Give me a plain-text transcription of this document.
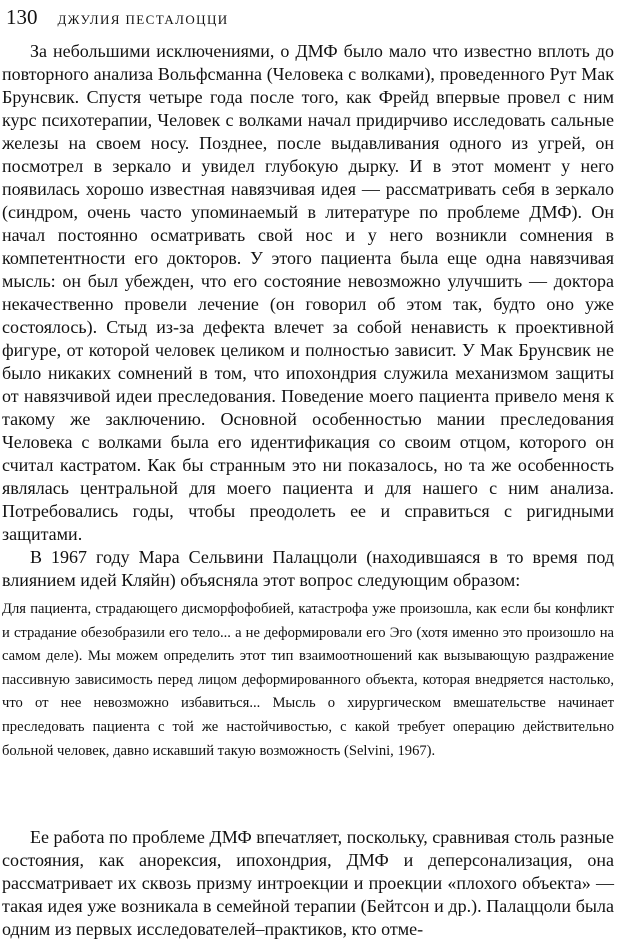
130 ДЖУЛИЯ ПЕСТАЛОЦЦИ

За небольшими исключениями, о ДМФ было мало что известно вплоть до повторного анализа Вольфсманна (Человека с волками), проведенного Рут Мак Брунсвик. Спустя четыре года после того, как Фрейд впервые провел с ним курс психотерапии, Человек с волками начал придирчиво исследовать сальные железы на своем носу. Позднее, после выдавливания одного из угрей, он посмотрел в зеркало и увидел глубокую дырку. И в этот момент у него появилась хорошо известная навязчивая идея — рассматривать себя в зеркало (синдром, очень часто упоминаемый в литературе по проблеме ДМФ). Он начал постоянно осматривать свой нос и у него возникли сомнения в компетентности его докторов. У этого пациента была еще одна навязчивая мысль: он был убежден, что его состояние невозможно улучшить — доктора некачественно провели лечение (он говорил об этом так, будто оно уже состоялось). Стыд из-за дефекта влечет за собой ненависть к проективной фигуре, от которой человек целиком и полностью зависит. У Мак Брунсвик не было никаких сомнений в том, что ипохондрия служила механизмом защиты от навязчивой идеи преследования. Поведение моего пациента привело меня к такому же заключению. Основной особенностью мании преследования Человека с волками была его идентификация со своим отцом, которого он считал кастратом. Как бы странным это ни показалось, но та же особенность являлась центральной для моего пациента и для нашего с ним анализа. Потребовались годы, чтобы преодолеть ее и справиться с ригидными защитами.

В 1967 году Мара Сельвини Палаццоли (находившаяся в то время под влиянием идей Кляйн) объясняла этот вопрос следующим образом:

Для пациента, страдающего дисморфофобией, катастрофа уже произошла, как если бы конфликт и страдание обезобразили его тело... а не деформировали его Эго (хотя именно это произошло на самом деле). Мы можем определить этот тип взаимоотношений как вызывающую раздражение пассивную зависимость перед лицом деформированного объекта, которая внедряется настолько, что от нее невозможно избавиться... Мысль о хирургическом вмешательстве начинает преследовать пациента с той же настойчивостью, с какой требует операцию действительно больной человек, давно искавший такую возможность (Selvini, 1967).

Ее работа по проблеме ДМФ впечатляет, поскольку, сравнивая столь разные состояния, как анорексия, ипохондрия, ДМФ и деперсонализация, она рассматривает их сквозь призму интроекции и проекции «плохого объекта» — такая идея уже возникала в семейной терапии (Бейтсон и др.). Палаццоли была одним из первых исследователей–практиков, кто отме-
